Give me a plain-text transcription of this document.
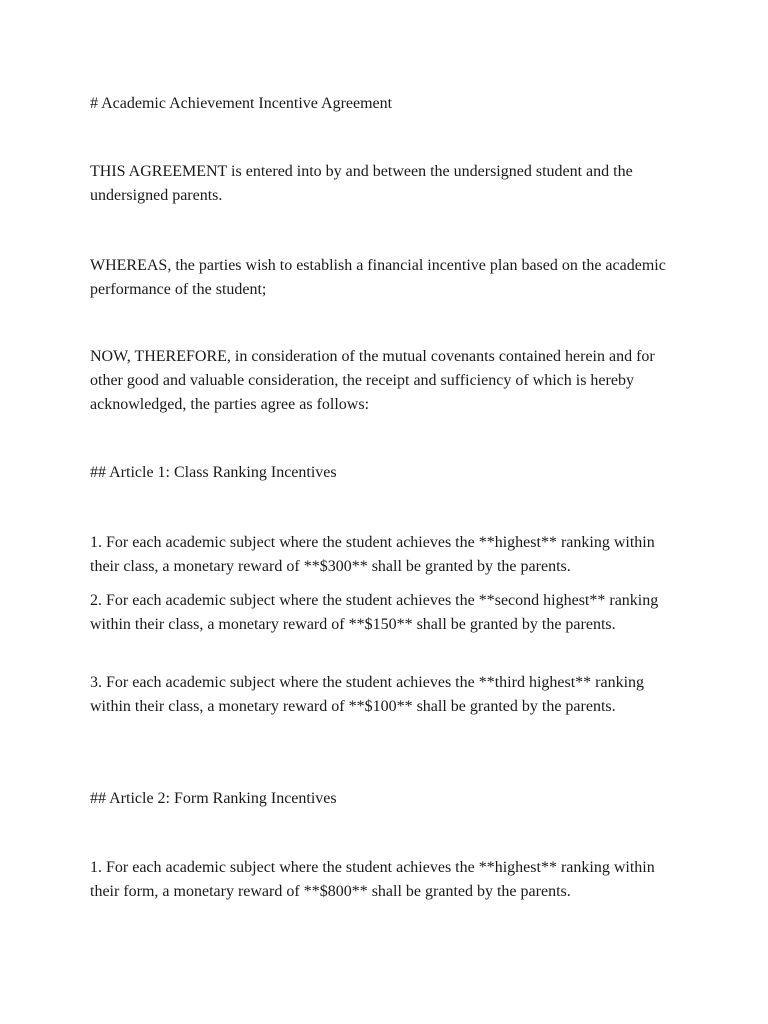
# Academic Achievement Incentive Agreement

THIS AGREEMENT is entered into by and between the undersigned student and the undersigned parents.

WHEREAS, the parties wish to establish a financial incentive plan based on the academic performance of the student;

NOW, THEREFORE, in consideration of the mutual covenants contained herein and for other good and valuable consideration, the receipt and sufficiency of which is hereby acknowledged, the parties agree as follows:

## Article 1: Class Ranking Incentives

1. For each academic subject where the student achieves the **highest** ranking within their class, a monetary reward of **$300** shall be granted by the parents.

2. For each academic subject where the student achieves the **second highest** ranking within their class, a monetary reward of **$150** shall be granted by the parents.

3. For each academic subject where the student achieves the **third highest** ranking within their class, a monetary reward of **$100** shall be granted by the parents.

## Article 2: Form Ranking Incentives

1. For each academic subject where the student achieves the **highest** ranking within their form, a monetary reward of **$800** shall be granted by the parents.
